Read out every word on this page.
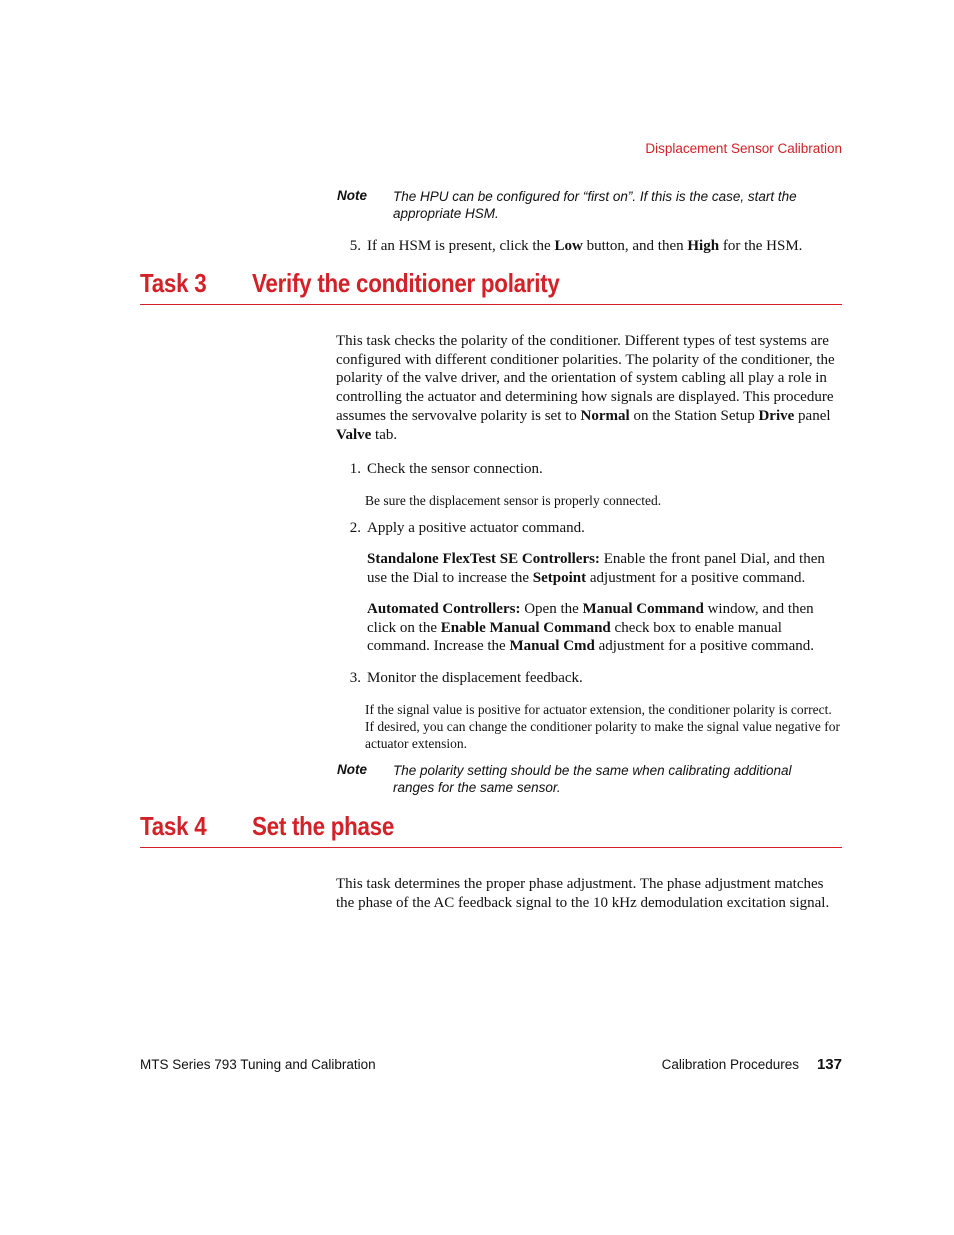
Displacement Sensor Calibration
Note The HPU can be configured for “first on”. If this is the case, start the appropriate HSM.
5. If an HSM is present, click the Low button, and then High for the HSM.
Task 3 Verify the conditioner polarity
This task checks the polarity of the conditioner. Different types of test systems are configured with different conditioner polarities. The polarity of the conditioner, the polarity of the valve driver, and the orientation of system cabling all play a role in controlling the actuator and determining how signals are displayed. This procedure assumes the servovalve polarity is set to Normal on the Station Setup Drive panel Valve tab.
1. Check the sensor connection.
Be sure the displacement sensor is properly connected.
2. Apply a positive actuator command.
Standalone FlexTest SE Controllers: Enable the front panel Dial, and then use the Dial to increase the Setpoint adjustment for a positive command.
Automated Controllers: Open the Manual Command window, and then click on the Enable Manual Command check box to enable manual command. Increase the Manual Cmd adjustment for a positive command.
3. Monitor the displacement feedback.
If the signal value is positive for actuator extension, the conditioner polarity is correct. If desired, you can change the conditioner polarity to make the signal value negative for actuator extension.
Note The polarity setting should be the same when calibrating additional ranges for the same sensor.
Task 4 Set the phase
This task determines the proper phase adjustment. The phase adjustment matches the phase of the AC feedback signal to the 10 kHz demodulation excitation signal.
MTS Series 793 Tuning and Calibration	Calibration Procedures 137
